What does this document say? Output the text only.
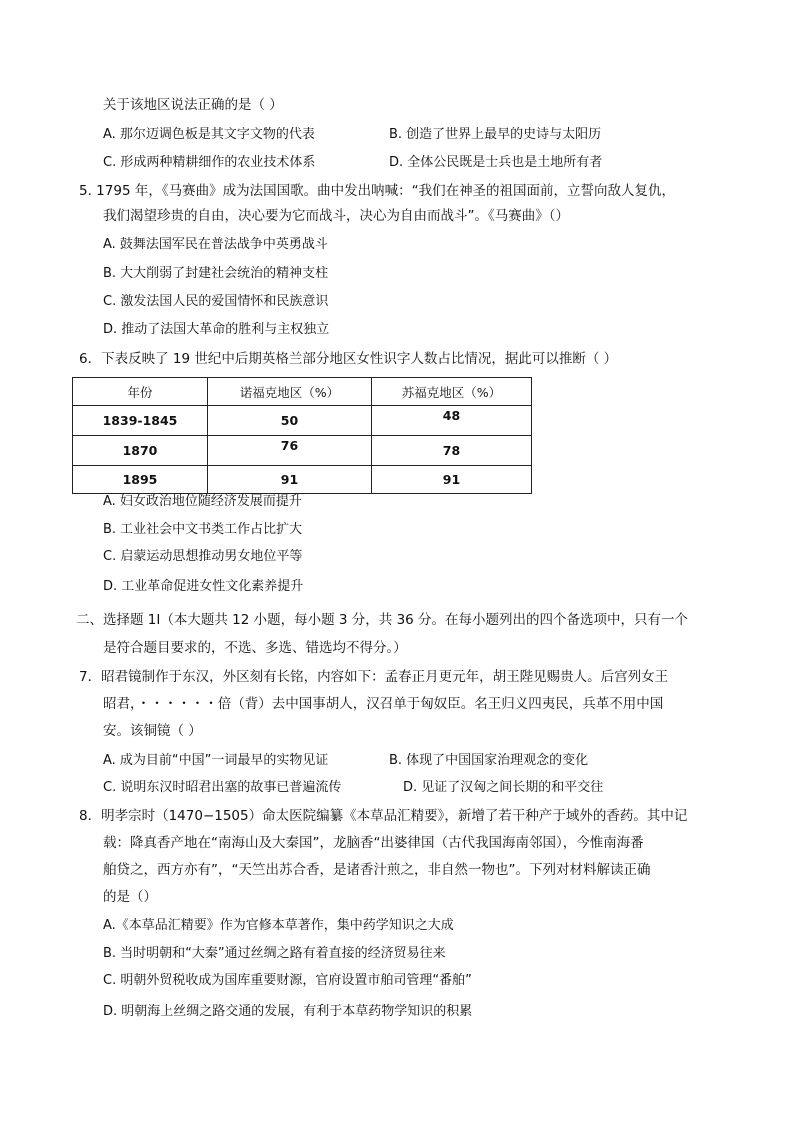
关于该地区说法正确的是（ ）
A. 那尔迈调色板是其文字文物的代表	B. 创造了世界上最早的史诗与太阳历
C. 形成两种精耕细作的农业技术体系	D. 全体公民既是士兵也是土地所有者
5. 1795 年，《马赛曲》成为法国国歌。曲中发出呐喊：“我们在神圣的祖国面前，立誓向敌人复仇，
我们渴望珍贵的自由，决心要为它而战斗，决心为自由而战斗”。《马赛曲》（）
A. 鼓舞法国军民在普法战争中英勇战斗
B. 大大削弱了封建社会统治的精神支柱
C. 激发法国人民的爱国情怀和民族意识
D. 推动了法国大革命的胜利与主权独立
6．下表反映了 19 世纪中后期英格兰部分地区女性识字人数占比情况，据此可以推断（ ）
年份	诺福克地区（%）	苏福克地区（%）
1839-1845	50	48
1870	76	78
1895	91	91
A. 妇女政治地位随经济发展而提升
B. 工业社会中文书类工作占比扩大
C. 启蒙运动思想推动男女地位平等
D. 工业革命促进女性文化素养提升
二、选择题 1I（本大题共 12 小题，每小题 3 分，共 36 分。在每小题列出的四个备选项中，只有一个
是符合题目要求的，不选、多选、错选均不得分。）
7．昭君镜制作于东汉，外区刻有长铭，内容如下：孟春正月更元年，胡王陛见赐贵人。后宫列女王
昭君，・・・・・・倍（背）去中国事胡人，汉召单于匈奴臣。名王归义四夷民，兵革不用中国
安。该铜镜（ ）
A. 成为目前“中国”一词最早的实物见证	B. 体现了中国国家治理观念的变化
C. 说明东汉时昭君出塞的故事已普遍流传	D. 见证了汉匈之间长期的和平交往
8．明孝宗时（1470−1505）命太医院编纂《本草品汇精要》，新增了若干种产于域外的香药。其中记
载：降真香产地在“南海山及大秦国”，龙脑香“出婆律国（古代我国海南邻国），今惟南海番
舶贷之，西方亦有”，“天竺出苏合香，是诸香汁煎之，非自然一物也”。下列对材料解读正确
的是（）
A.《本草品汇精要》作为官修本草著作，集中药学知识之大成
B. 当时明朝和“大秦”通过丝绸之路有着直接的经济贸易往来
C. 明朝外贸税收成为国库重要财源，官府设置市舶司管理“番舶”
D. 明朝海上丝绸之路交通的发展，有利于本草药物学知识的积累
